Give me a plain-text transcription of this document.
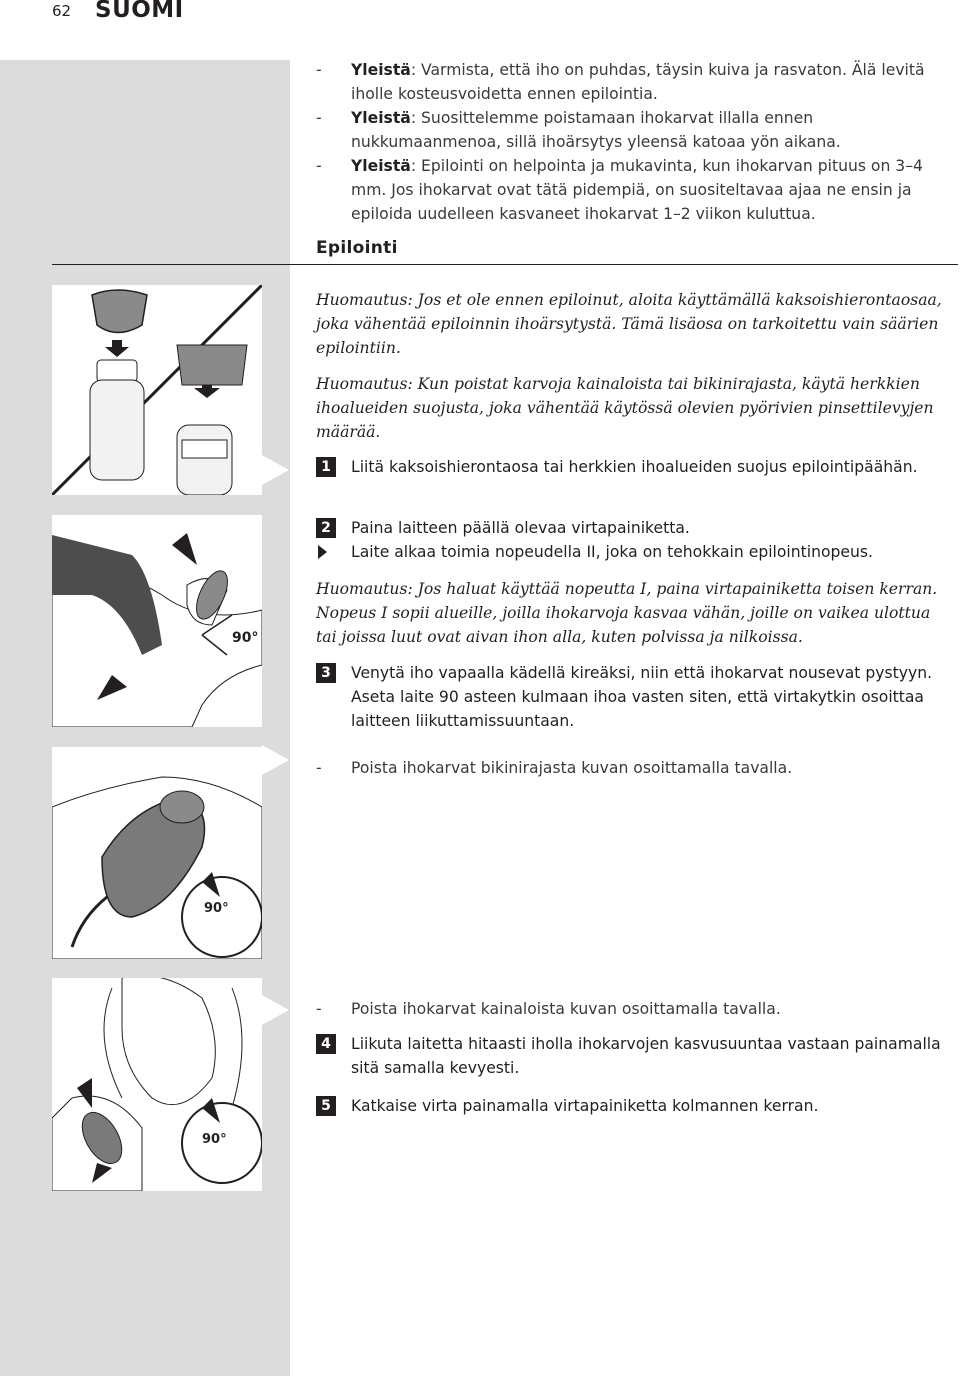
62 SUOMI

- Yleistä: Varmista, että iho on puhdas, täysin kuiva ja rasvaton. Älä levitä iholle kosteusvoidetta ennen epilointia.

- Yleistä: Suosittelemme poistamaan ihokarvat illalla ennen nukkumaanmenoa, sillä ihoärsytys yleensä katoaa yön aikana.

- Yleistä: Epilointi on helpointa ja mukavinta, kun ihokarvan pituus on 3–4 mm. Jos ihokarvat ovat tätä pidempiä, on suositeltavaa ajaa ne ensin ja epiloida uudelleen kasvaneet ihokarvat 1–2 viikon kuluttua.

Epilointi

Huomautus: Jos et ole ennen epiloinut, aloita käyttämällä kaksoishierontaosaa, joka vähentää epiloinnin ihoärsytystä. Tämä lisäosa on tarkoitettu vain säärien epilointiin.

Huomautus: Kun poistat karvoja kainaloista tai bikinirajasta, käytä herkkien ihoalueiden suojusta, joka vähentää käytössä olevien pyörivien pinsettilevyjen määrää.

1	Liitä kaksoishierontaosa tai herkkien ihoalueiden suojus epilointipäähän.

2	Paina laitteen päällä olevaa virtapainiketta.

Laite alkaa toimia nopeudella II, joka on tehokkain epilointinopeus.

Huomautus: Jos haluat käyttää nopeutta I, paina virtapainiketta toisen kerran. Nopeus I sopii alueille, joilla ihokarvoja kasvaa vähän, joille on vaikea ulottua tai joissa luut ovat aivan ihon alla, kuten polvissa ja nilkoissa.

3	Venytä iho vapaalla kädellä kireäksi, niin että ihokarvat nousevat pystyyn. Aseta laite 90 asteen kulmaan ihoa vasten siten, että virtakytkin osoittaa laitteen liikuttamissuuntaan.

- Poista ihokarvat bikinirajasta kuvan osoittamalla tavalla.

- Poista ihokarvat kainaloista kuvan osoittamalla tavalla.

4	Liikuta laitetta hitaasti iholla ihokarvojen kasvusuuntaa vastaan painamalla sitä samalla kevyesti.

5	Katkaise virta painamalla virtapainiketta kolmannen kerran.

90°
90°
90°
